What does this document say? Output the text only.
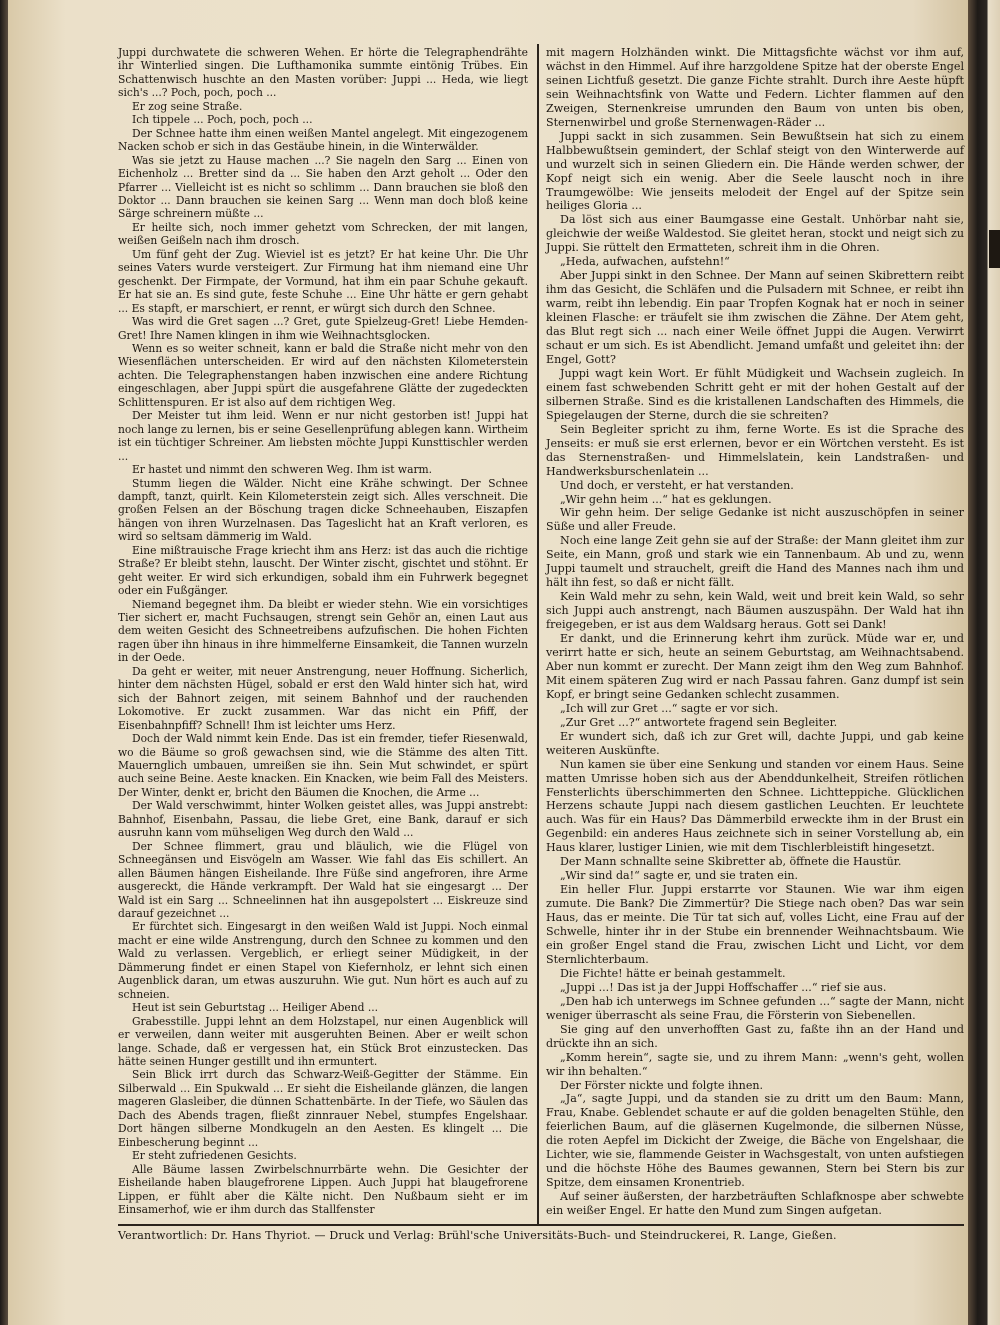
Juppi durchwatete die schweren Wehen. Er hörte die Telegraphendrähte ihr Winterlied singen. Die Lufthamonika summte eintönig Trübes. Ein Schattenwisch huschte an den Masten vorüber: Juppi ... Heda, wie liegt sich's ...? Poch, poch, poch ...

Er zog seine Straße.

Ich tippele ... Poch, poch, poch ...

Der Schnee hatte ihm einen weißen Mantel angelegt. Mit eingezogenem Nacken schob er sich in das Gestäube hinein, in die Winterwälder.

Was sie jetzt zu Hause machen ...? Sie nageln den Sarg ... Einen von Eichenholz ... Bretter sind da ... Sie haben den Arzt geholt ... Oder den Pfarrer ... Vielleicht ist es nicht so schlimm ... Dann brauchen sie bloß den Doktor ... Dann brauchen sie keinen Sarg ... Wenn man doch bloß keine Särge schreinern müßte ...

Er heilte sich, noch immer gehetzt vom Schrecken, der mit langen, weißen Geißeln nach ihm drosch.

Um fünf geht der Zug. Wieviel ist es jetzt? Er hat keine Uhr. Die Uhr seines Vaters wurde versteigert. Zur Firmung hat ihm niemand eine Uhr geschenkt. Der Firmpate, der Vormund, hat ihm ein paar Schuhe gekauft. Er hat sie an. Es sind gute, feste Schuhe ... Eine Uhr hätte er gern gehabt ... Es stapft, er marschiert, er rennt, er würgt sich durch den Schnee.

Was wird die Gret sagen ...? Gret, gute Spielzeug-Gret! Liebe Hemden-Gret! Ihre Namen klingen in ihm wie Weihnachtsglocken.

Wenn es so weiter schneit, kann er bald die Straße nicht mehr von den Wiesenflächen unterscheiden. Er wird auf den nächsten Kilometerstein achten. Die Telegraphenstangen haben inzwischen eine andere Richtung eingeschlagen, aber Juppi spürt die ausgefahrene Glätte der zugedeckten Schlittenspuren. Er ist also auf dem richtigen Weg.

Der Meister tut ihm leid. Wenn er nur nicht gestorben ist! Juppi hat noch lange zu lernen, bis er seine Gesellenprüfung ablegen kann. Wirtheim ist ein tüchtiger Schreiner. Am liebsten möchte Juppi Kunsttischler werden ...

Er hastet und nimmt den schweren Weg. Ihm ist warm.

Stumm liegen die Wälder. Nicht eine Krähe schwingt. Der Schnee dampft, tanzt, quirlt. Kein Kilometerstein zeigt sich. Alles verschneit. Die großen Felsen an der Böschung tragen dicke Schneehauben, Eiszapfen hängen von ihren Wurzelnasen. Das Tageslicht hat an Kraft verloren, es wird so seltsam dämmerig im Wald.

Eine mißtrauische Frage kriecht ihm ans Herz: ist das auch die richtige Straße? Er bleibt stehn, lauscht. Der Winter zischt, gischtet und stöhnt. Er geht weiter. Er wird sich erkundigen, sobald ihm ein Fuhrwerk begegnet oder ein Fußgänger.

Niemand begegnet ihm. Da bleibt er wieder stehn. Wie ein vorsichtiges Tier sichert er, macht Fuchsaugen, strengt sein Gehör an, einen Laut aus dem weiten Gesicht des Schneetreibens aufzufischen. Die hohen Fichten ragen über ihn hinaus in ihre himmelferne Einsamkeit, die Tannen wurzeln in der Oede.

Da geht er weiter, mit neuer Anstrengung, neuer Hoffnung. Sicherlich, hinter dem nächsten Hügel, sobald er erst den Wald hinter sich hat, wird sich der Bahnort zeigen, mit seinem Bahnhof und der rauchenden Lokomotive. Er zuckt zusammen. War das nicht ein Pfiff, der Eisenbahnpfiff? Schnell! Ihm ist leichter ums Herz.

Doch der Wald nimmt kein Ende. Das ist ein fremder, tiefer Riesenwald, wo die Bäume so groß gewachsen sind, wie die Stämme des alten Titt. Mauernglich umbauen, umreißen sie ihn. Sein Mut schwindet, er spürt auch seine Beine. Aeste knacken. Ein Knacken, wie beim Fall des Meisters. Der Winter, denkt er, bricht den Bäumen die Knochen, die Arme ...

Der Wald verschwimmt, hinter Wolken geistet alles, was Juppi anstrebt: Bahnhof, Eisenbahn, Passau, die liebe Gret, eine Bank, darauf er sich ausruhn kann vom mühseligen Weg durch den Wald ...

Der Schnee flimmert, grau und bläulich, wie die Flügel von Schneegänsen und Eisvögeln am Wasser. Wie fahl das Eis schillert. An allen Bäumen hängen Eisheilande. Ihre Füße sind angefroren, ihre Arme ausgereckt, die Hände verkrampft. Der Wald hat sie eingesargt ... Der Wald ist ein Sarg ... Schneelinnen hat ihn ausgepolstert ... Eiskreuze sind darauf gezeichnet ...

Er fürchtet sich. Eingesargt in den weißen Wald ist Juppi. Noch einmal macht er eine wilde Anstrengung, durch den Schnee zu kommen und den Wald zu verlassen. Vergeblich, er erliegt seiner Müdigkeit, in der Dämmerung findet er einen Stapel von Kiefernholz, er lehnt sich einen Augenblick daran, um etwas auszuruhn. Wie gut. Nun hört es auch auf zu schneien.

Heut ist sein Geburtstag ... Heiliger Abend ...

Grabesstille. Juppi lehnt an dem Holzstapel, nur einen Augenblick will er verweilen, dann weiter mit ausgeruhten Beinen. Aber er weilt schon lange. Schade, daß er vergessen hat, ein Stück Brot einzustecken. Das hätte seinen Hunger gestillt und ihn ermuntert.

Sein Blick irrt durch das Schwarz-Weiß-Gegitter der Stämme. Ein Silberwald ... Ein Spukwald ... Er sieht die Eisheilande glänzen, die langen mageren Glasleiber, die dünnen Schattenbärte. In der Tiefe, wo Säulen das Dach des Abends tragen, fließt zinnrauer Nebel, stumpfes Engelshaar. Dort hängen silberne Mondkugeln an den Aesten. Es klingelt ... Die Einbescherung beginnt ...

Er steht zufriedenen Gesichts.

Alle Bäume lassen Zwirbelschnurrbärte wehn. Die Gesichter der Eisheilande haben blaugefrorene Lippen. Auch Juppi hat blaugefrorene Lippen, er fühlt aber die Kälte nicht. Den Nußbaum sieht er im Einsamerhof, wie er ihm durch das Stallfenster

mit magern Holzhänden winkt. Die Mittagsfichte wächst vor ihm auf, wächst in den Himmel. Auf ihre harzgoldene Spitze hat der oberste Engel seinen Lichtfuß gesetzt. Die ganze Fichte strahlt. Durch ihre Aeste hüpft sein Weihnachtsfink von Watte und Federn. Lichter flammen auf den Zweigen, Sternenkreise umrunden den Baum von unten bis oben, Sternenwirbel und große Sternenwagen-Räder ...

Juppi sackt in sich zusammen. Sein Bewußtsein hat sich zu einem Halbbewußtsein gemindert, der Schlaf steigt von den Winterwerde auf und wurzelt sich in seinen Gliedern ein. Die Hände werden schwer, der Kopf neigt sich ein wenig. Aber die Seele lauscht noch in ihre Traumgewölbe: Wie jenseits melodeit der Engel auf der Spitze sein heiliges Gloria ...

Da löst sich aus einer Baumgasse eine Gestalt. Unhörbar naht sie, gleichwie der weiße Waldestod. Sie gleitet heran, stockt und neigt sich zu Juppi. Sie rüttelt den Ermatteten, schreit ihm in die Ohren.

„Heda, aufwachen, aufstehn!“

Aber Juppi sinkt in den Schnee. Der Mann auf seinen Skibrettern reibt ihm das Gesicht, die Schläfen und die Pulsadern mit Schnee, er reibt ihn warm, reibt ihn lebendig. Ein paar Tropfen Kognak hat er noch in seiner kleinen Flasche: er träufelt sie ihm zwischen die Zähne. Der Atem geht, das Blut regt sich ... nach einer Weile öffnet Juppi die Augen. Verwirrt schaut er um sich. Es ist Abendlicht. Jemand umfaßt und geleitet ihn: der Engel, Gott?

Juppi wagt kein Wort. Er fühlt Müdigkeit und Wachsein zugleich. In einem fast schwebenden Schritt geht er mit der hohen Gestalt auf der silbernen Straße. Sind es die kristallenen Landschaften des Himmels, die Spiegelaugen der Sterne, durch die sie schreiten?

Sein Begleiter spricht zu ihm, ferne Worte. Es ist die Sprache des Jenseits: er muß sie erst erlernen, bevor er ein Wörtchen versteht. Es ist das Sternenstraßen- und Himmelslatein, kein Landstraßen- und Handwerksburschenlatein ...

Und doch, er versteht, er hat verstanden.

„Wir gehn heim ...“ hat es geklungen.

Wir gehn heim. Der selige Gedanke ist nicht auszuschöpfen in seiner Süße und aller Freude.

Noch eine lange Zeit gehn sie auf der Straße: der Mann gleitet ihm zur Seite, ein Mann, groß und stark wie ein Tannenbaum. Ab und zu, wenn Juppi taumelt und strauchelt, greift die Hand des Mannes nach ihm und hält ihn fest, so daß er nicht fällt.

Kein Wald mehr zu sehn, kein Wald, weit und breit kein Wald, so sehr sich Juppi auch anstrengt, nach Bäumen auszuspähn. Der Wald hat ihn freigegeben, er ist aus dem Waldsarg heraus. Gott sei Dank!

Er dankt, und die Erinnerung kehrt ihm zurück. Müde war er, und verirrt hatte er sich, heute an seinem Geburtstag, am Weihnachtsabend. Aber nun kommt er zurecht. Der Mann zeigt ihm den Weg zum Bahnhof. Mit einem späteren Zug wird er nach Passau fahren. Ganz dumpf ist sein Kopf, er bringt seine Gedanken schlecht zusammen.

„Ich will zur Gret ...“ sagte er vor sich.

„Zur Gret ...?“ antwortete fragend sein Begleiter.

Er wundert sich, daß ich zur Gret will, dachte Juppi, und gab keine weiteren Auskünfte.

Nun kamen sie über eine Senkung und standen vor einem Haus. Seine matten Umrisse hoben sich aus der Abenddunkelheit, Streifen rötlichen Fensterlichts überschimmerten den Schnee. Lichtteppiche. Glücklichen Herzens schaute Juppi nach diesem gastlichen Leuchten. Er leuchtete auch. Was für ein Haus? Das Dämmerbild erweckte ihm in der Brust ein Gegenbild: ein anderes Haus zeichnete sich in seiner Vorstellung ab, ein Haus klarer, lustiger Linien, wie mit dem Tischlerbleistift hingesetzt.

Der Mann schnallte seine Skibretter ab, öffnete die Haustür.

„Wir sind da!“ sagte er, und sie traten ein.

Ein heller Flur. Juppi erstarrte vor Staunen. Wie war ihm eigen zumute. Die Bank? Die Zimmertür? Die Stiege nach oben? Das war sein Haus, das er meinte. Die Tür tat sich auf, volles Licht, eine Frau auf der Schwelle, hinter ihr in der Stube ein brennender Weihnachtsbaum. Wie ein großer Engel stand die Frau, zwischen Licht und Licht, vor dem Sternlichterbaum.

Die Fichte! hätte er beinah gestammelt.

„Juppi ...! Das ist ja der Juppi Hoffschaffer ...“ rief sie aus.

„Den hab ich unterwegs im Schnee gefunden ...“ sagte der Mann, nicht weniger überrascht als seine Frau, die Försterin von Siebenellen.

Sie ging auf den unverhofften Gast zu, faßte ihn an der Hand und drückte ihn an sich.

„Komm herein“, sagte sie, und zu ihrem Mann: „wenn's geht, wollen wir ihn behalten.“

Der Förster nickte und folgte ihnen.

„Ja“, sagte Juppi, und da standen sie zu dritt um den Baum: Mann, Frau, Knabe. Geblendet schaute er auf die golden benagelten Stühle, den feierlichen Baum, auf die gläsernen Kugelmonde, die silbernen Nüsse, die roten Aepfel im Dickicht der Zweige, die Bäche von Engelshaar, die Lichter, wie sie, flammende Geister in Wachsgestalt, von unten aufstiegen und die höchste Höhe des Baumes gewannen, Stern bei Stern bis zur Spitze, dem einsamen Kronentrieb.

Auf seiner äußersten, der harzbeträuften Schlafknospe aber schwebte ein weißer Engel. Er hatte den Mund zum Singen aufgetan.

Verantwortlich: Dr. Hans Thyriot. — Druck und Verlag: Brühl'sche Universitäts-Buch- und Steindruckerei, R. Lange, Gießen.
